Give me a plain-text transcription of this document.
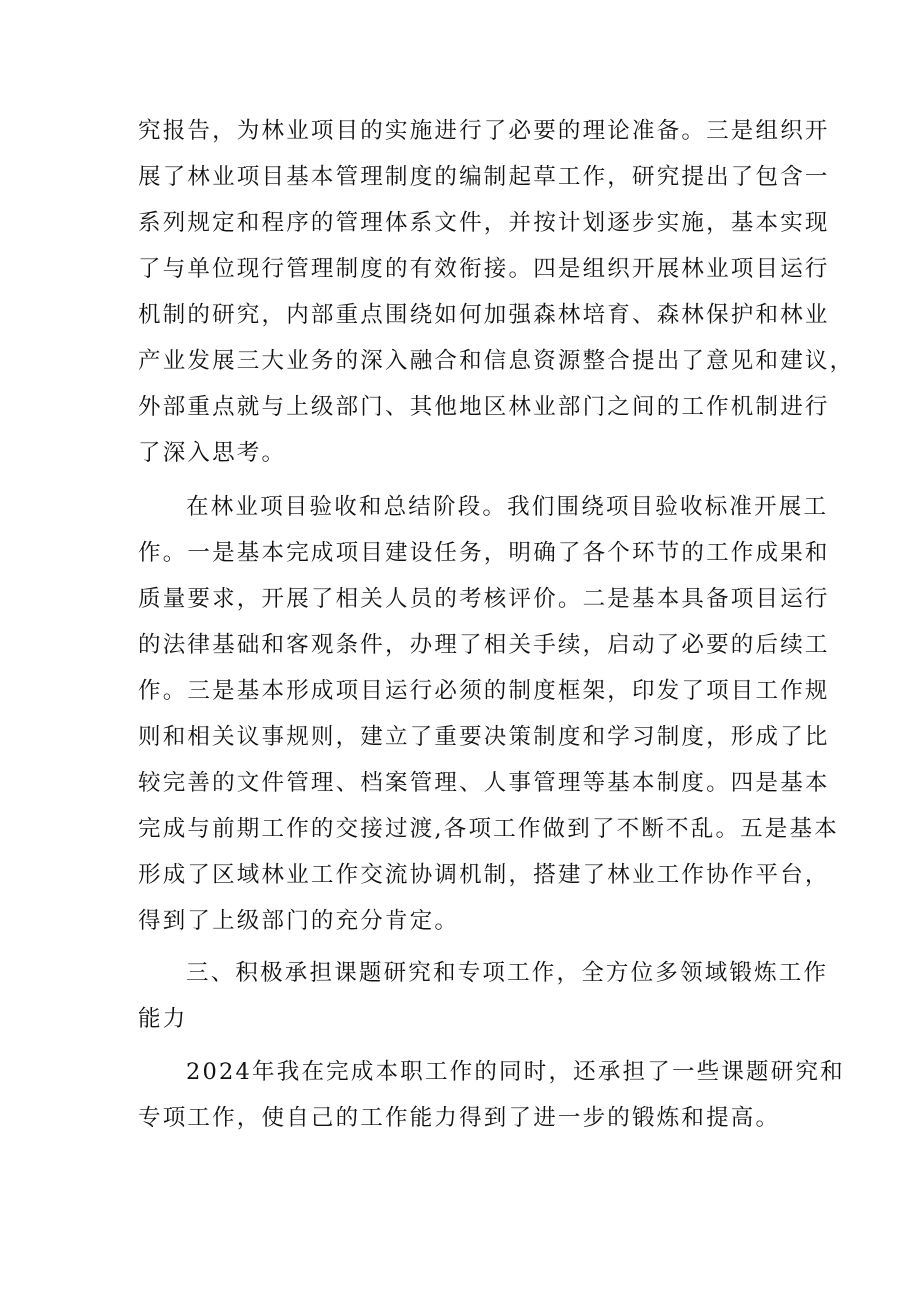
究报告，为林业项目的实施进行了必要的理论准备。三是组织开
展了林业项目基本管理制度的编制起草工作，研究提出了包含一
系列规定和程序的管理体系文件，并按计划逐步实施，基本实现
了与单位现行管理制度的有效衔接。四是组织开展林业项目运行
机制的研究，内部重点围绕如何加强森林培育、森林保护和林业
产业发展三大业务的深入融合和信息资源整合提出了意见和建议，
外部重点就与上级部门、其他地区林业部门之间的工作机制进行
了深入思考。
在林业项目验收和总结阶段。我们围绕项目验收标准开展工
作。一是基本完成项目建设任务，明确了各个环节的工作成果和
质量要求，开展了相关人员的考核评价。二是基本具备项目运行
的法律基础和客观条件，办理了相关手续，启动了必要的后续工
作。三是基本形成项目运行必须的制度框架，印发了项目工作规
则和相关议事规则，建立了重要决策制度和学习制度，形成了比
较完善的文件管理、档案管理、人事管理等基本制度。四是基本
完成与前期工作的交接过渡,各项工作做到了不断不乱。五是基本
形成了区域林业工作交流协调机制，搭建了林业工作协作平台，
得到了上级部门的充分肯定。
三、积极承担课题研究和专项工作，全方位多领域锻炼工作
能力
2024年我在完成本职工作的同时，还承担了一些课题研究和
专项工作，使自己的工作能力得到了进一步的锻炼和提高。
